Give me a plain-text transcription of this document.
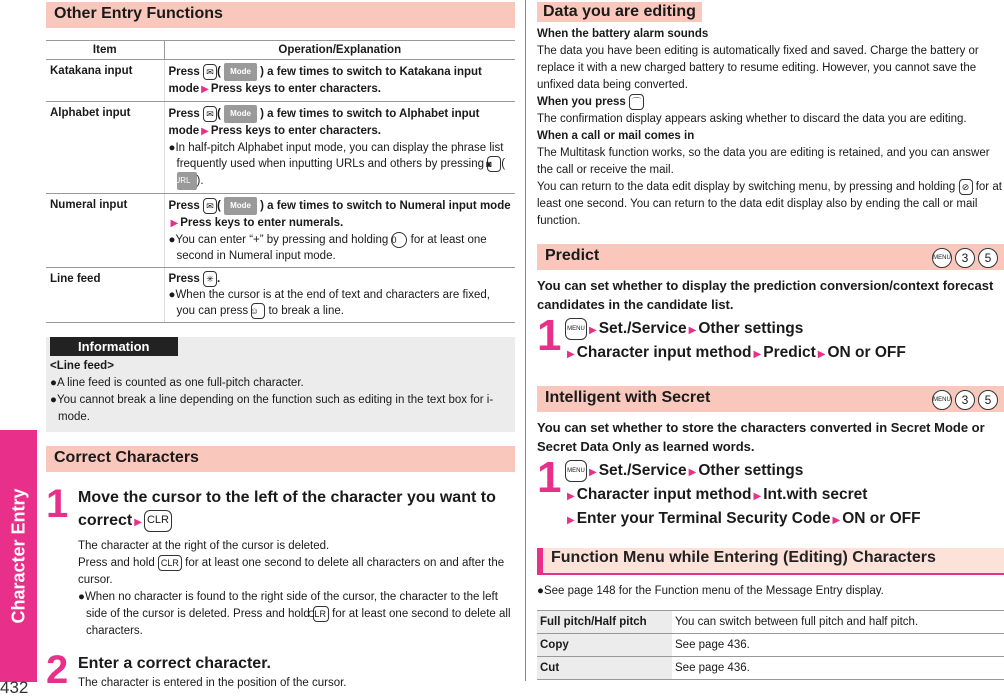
Character Entry
432
Other Entry Functions
Item	Operation/Explanation
Katakana input	Press ✉ ( Mode ) a few times to switch to Katakana input mode ▶ Press keys to enter characters.
Alphabet input	Press ✉ ( Mode ) a few times to switch to Alphabet input mode ▶ Press keys to enter characters.
●In half-pitch Alphabet input mode, you can display the phrase list frequently used when inputting URLs and others by pressing ◙ ( URL ).

Numeral input	Press ✉ ( Mode ) a few times to switch to Numeral input mode ▶ Press keys to enter numerals.
●You can enter “+” by pressing and holding 0 for at least one second in Numeral input mode.

Line feed	Press ✳ .
●When the cursor is at the end of text and characters are fixed, you can press ☺ to break a line.
Information
<Line feed>
●A line feed is counted as one full-pitch character.
●You cannot break a line depending on the function such as editing in the text box for i-mode.
Correct Characters
1 Move the cursor to the left of the character you want to correct ▶ CLR
The character at the right of the cursor is deleted.
Press and hold CLR for at least one second to delete all characters on and after the cursor.
●When no character is found to the right side of the cursor, the character to the left side of the cursor is deleted. Press and hold CLR for at least one second to delete all characters.
2 Enter a correct character.
The character is entered in the position of the cursor.
Data you are editing
When the battery alarm sounds
The data you have been editing is automatically fixed and saved. Charge the battery or replace it with a new charged battery to resume editing. However, you cannot save the unfixed data being converted.
When you press ⌒
The confirmation display appears asking whether to discard the data you are editing.
When a call or mail comes in
The Multitask function works, so the data you are editing is retained, and you can answer the call or receive the mail.
You can return to the data edit display by switching menu, by pressing and holding ⊘ for at least one second. You can return to the data edit display also by ending the call or mail function.
Predict	MENU 3	5
You can set whether to display the prediction conversion/context forecast candidates in the candidate list.
1 MENU ▶ Set./Service ▶ Other settings
▶ Character input method ▶ Predict ▶ ON or OFF
Intelligent with Secret	MENU 3	5
You can set whether to store the characters converted in Secret Mode or Secret Data Only as learned words.
1 MENU ▶ Set./Service ▶ Other settings
▶ Character input method ▶ Int.with secret
▶ Enter your Terminal Security Code ▶ ON or OFF
Function Menu while Entering (Editing) Characters
●See page 148 for the Function menu of the Message Entry display.
Full pitch/Half pitch	You can switch between full pitch and half pitch.
Copy	See page 436.
Cut	See page 436.
